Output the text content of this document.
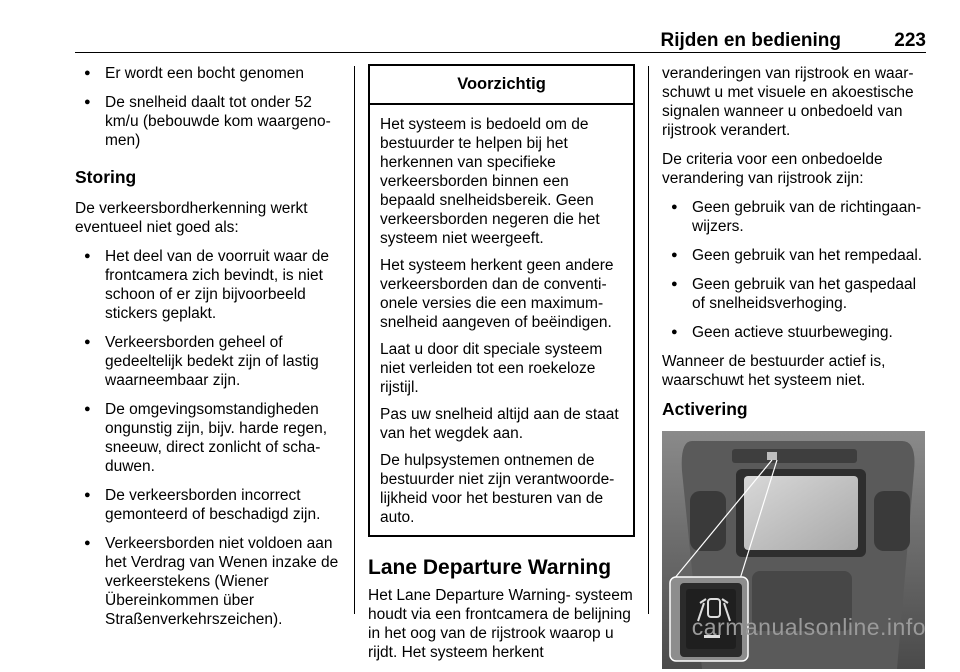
Rijden en bediening	223
● Er wordt een bocht genomen
● De snelheid daalt tot onder 52 km/u (bebouwde kom waargeno‐ men)
Storing

De verkeersbordherkenning werkt eventueel niet goed als:

● Het deel van de voorruit waar de frontcamera zich bevindt, is niet schoon of er zijn bijvoorbeeld stickers geplakt.
● Verkeersborden geheel of gedeeltelijk bedekt zijn of lastig waarneembaar zijn.
● De omgevingsomstandigheden ongunstig zijn, bijv. harde regen, sneeuw, direct zonlicht of scha‐ duwen.
● De verkeersborden incorrect gemonteerd of beschadigd zijn.
● Verkeersborden niet voldoen aan het Verdrag van Wenen inzake de verkeerstekens (Wiener Übereinkommen über Straßenverkehrszeichen).
Voorzichtig

Het systeem is bedoeld om de bestuurder te helpen bij het herkennen van specifieke verkeersborden binnen een bepaald snelheidsbereik. Geen verkeersborden negeren die het systeem niet weergeeft.

Het systeem herkent geen andere verkeersborden dan de conventi‐ onele versies die een maximum‐ snelheid aangeven of beëindigen.

Laat u door dit speciale systeem niet verleiden tot een roekeloze rijstijl.

Pas uw snelheid altijd aan de staat van het wegdek aan.

De hulpsystemen ontnemen de bestuurder niet zijn verantwoorde‐ lijkheid voor het besturen van de auto.

Lane Departure Warning

Het Lane Departure Warning- systeem houdt via een frontcamera de belijning in het oog van de rijstrook waarop u rijdt. Het systeem herkent

veranderingen van rijstrook en waar‐ schuwt u met visuele en akoestische signalen wanneer u onbedoeld van rijstrook verandert.

De criteria voor een onbedoelde verandering van rijstrook zijn:

● Geen gebruik van de richtingaan‐ wijzers.
● Geen gebruik van het rempedaal.
● Geen gebruik van het gaspedaal of snelheidsverhoging.
● Geen actieve stuurbeweging.

Wanneer de bestuurder actief is, waarschuwt het systeem niet.

Activering
carmanualsonline.info
